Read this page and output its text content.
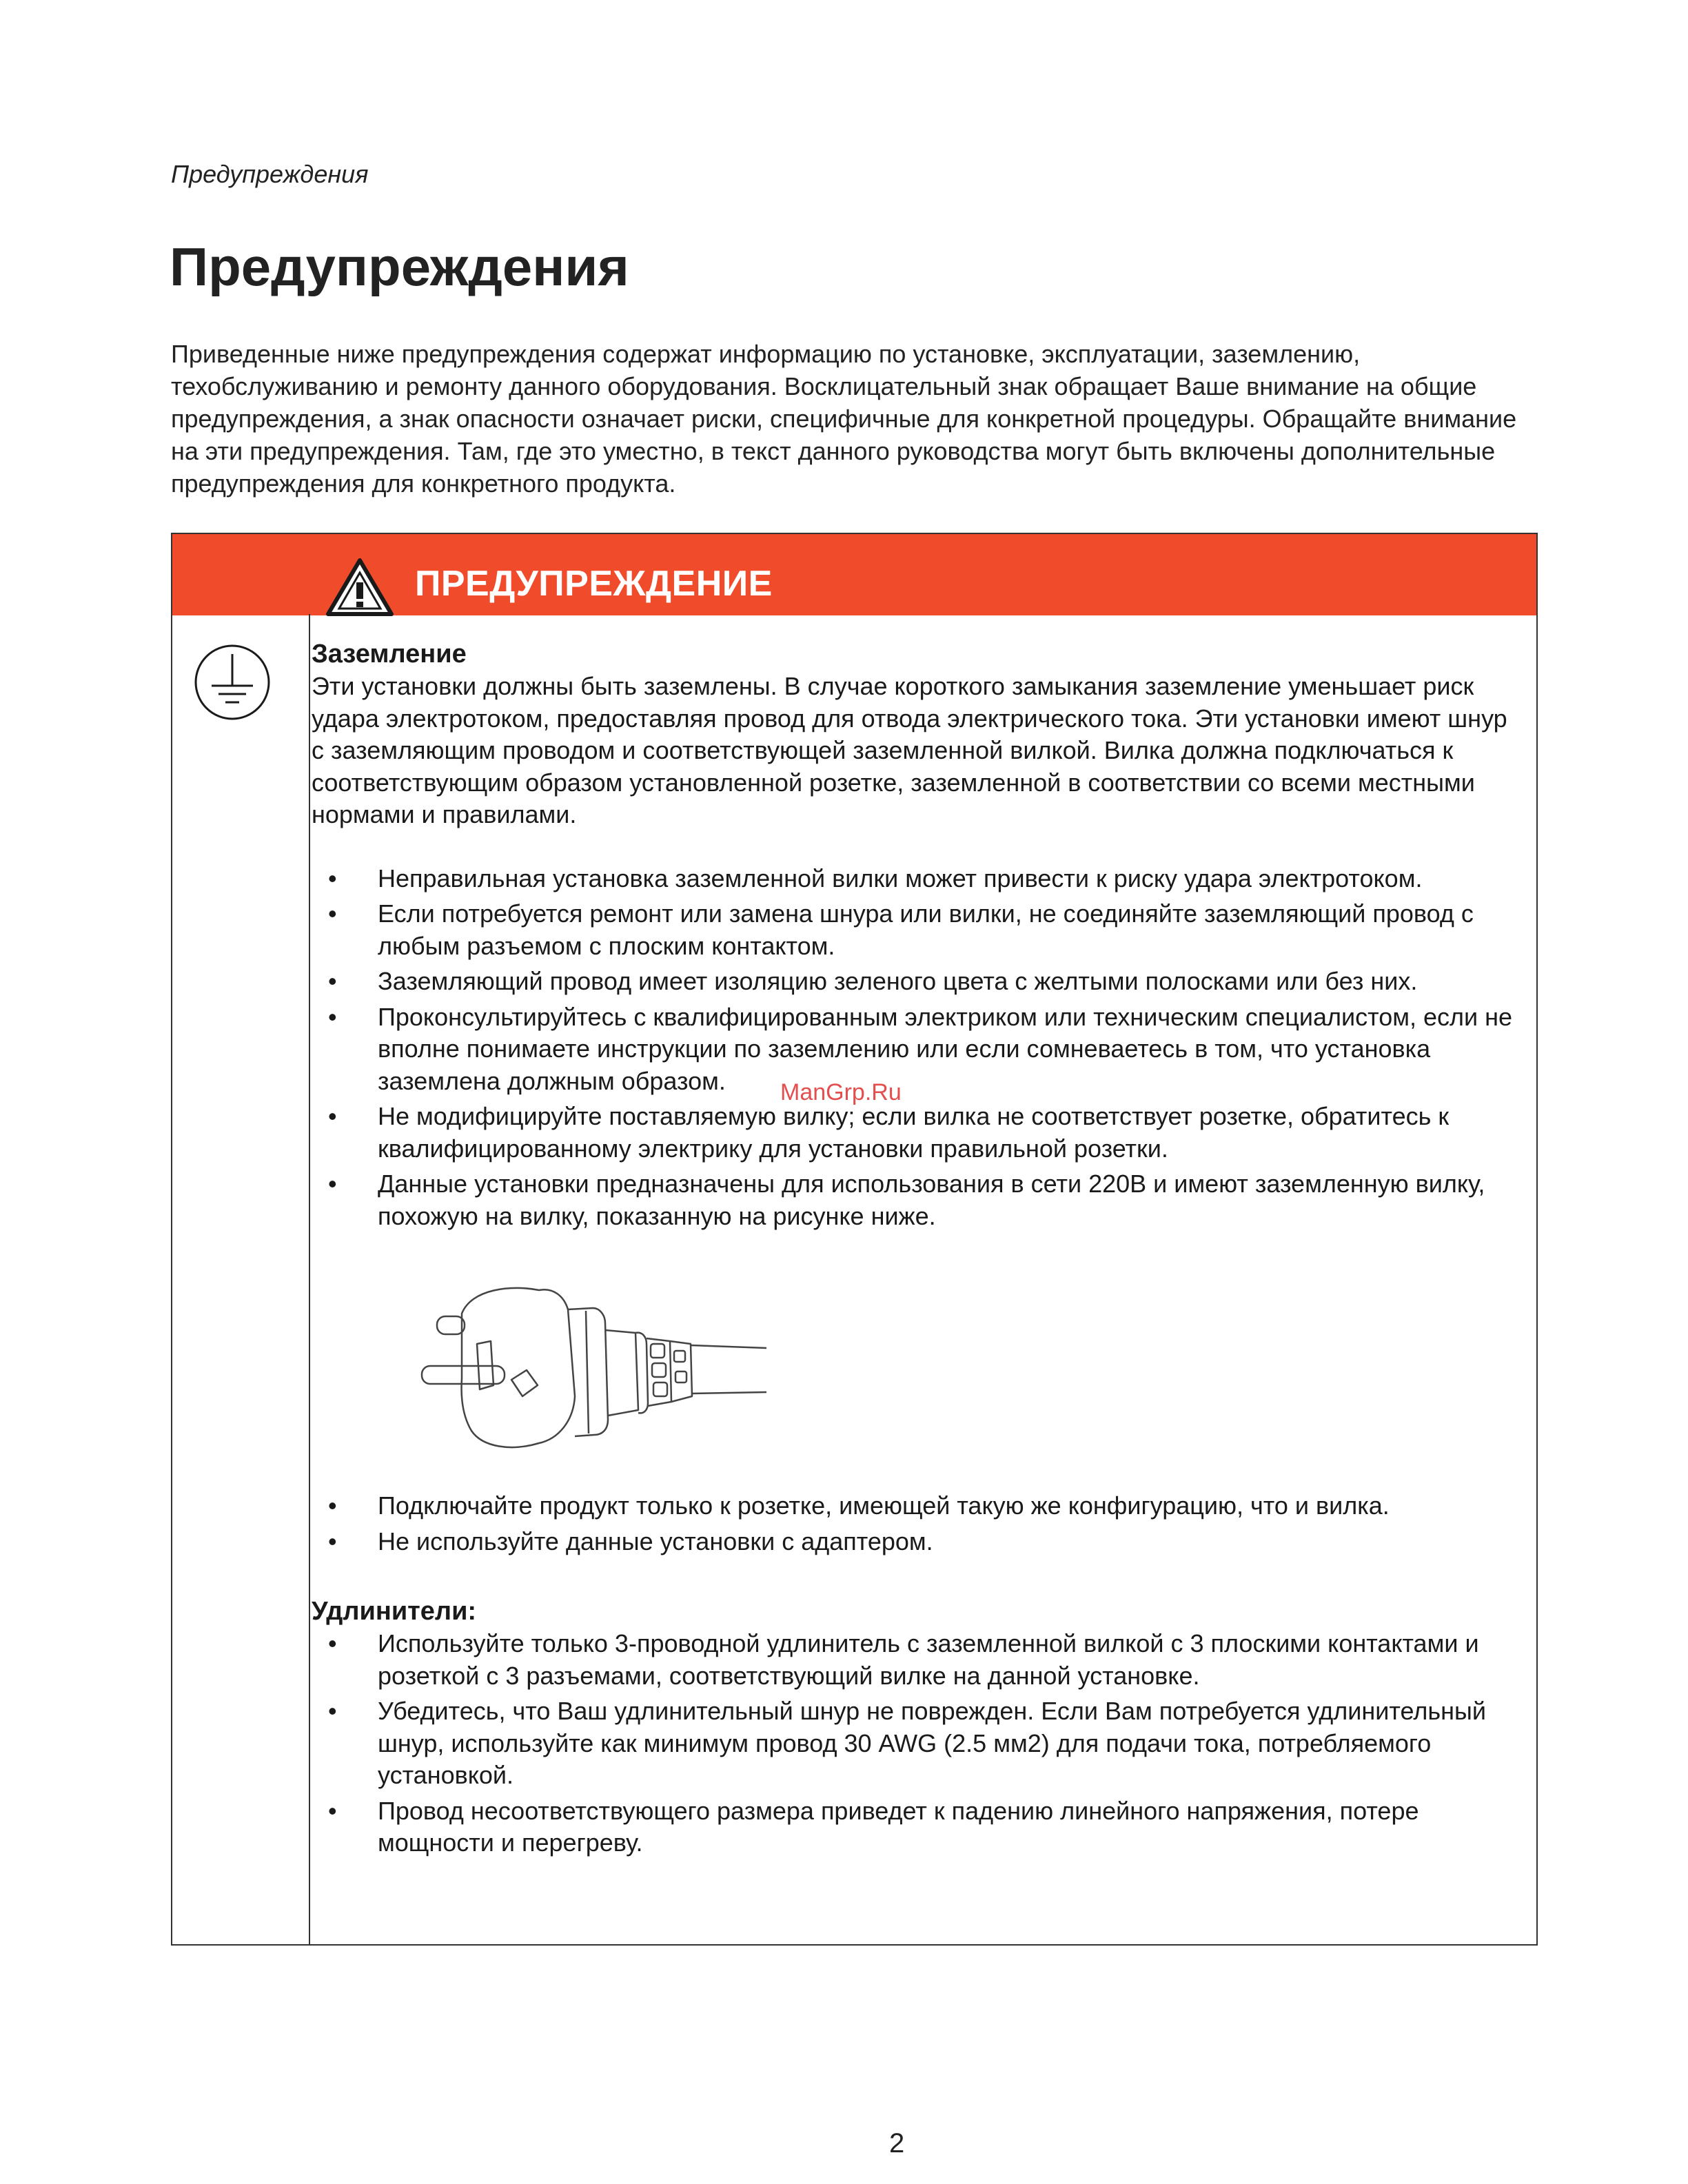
Предупреждения
Предупреждения

Приведенные ниже предупреждения содержат информацию по установке, эксплуатации, заземлению, техобслуживанию и ремонту данного оборудования. Восклицательный знак обращает Ваше внимание на общие предупреждения, а знак опасности означает риски, специфичные для конкретной процедуры. Обращайте внимание на эти предупреждения. Там, где это уместно, в текст данного руководства могут быть включены дополнительные предупреждения для конкретного продукта.

ПРЕДУПРЕЖДЕНИЕ
Заземление

Эти установки должны быть заземлены. В случае короткого замыкания заземление уменьшает риск удара электротоком, предоставляя провод для отвода электрического тока. Эти установки имеют шнур с заземляющим проводом и соответствующей заземленной вилкой. Вилка должна подключаться к соответствующим образом установленной розетке, заземленной в соответствии со всеми местными нормами и правилами.

• Неправильная установка заземленной вилки может привести к риску удара электротоком.
• Если потребуется ремонт или замена шнура или вилки, не соединяйте заземляющий провод с любым разъемом с плоским контактом.
• Заземляющий провод имеет изоляцию зеленого цвета с желтыми полосками или без них.
• Проконсультируйтесь с квалифицированным электриком или техническим специалистом, если не вполне понимаете инструкции по заземлению или если сомневаетесь в том, что установка заземлена должным образом.
• Не модифицируйте поставляемую вилку; если вилка не соответствует розетке, обратитесь к квалифицированному электрику для установки правильной розетки.
• Данные установки предназначены для использования в сети 220В и имеют заземленную вилку, похожую на вилку, показанную на рисунке ниже.
• Подключайте продукт только к розетке, имеющей такую же конфигурацию, что и вилка.
• Не используйте данные установки с адаптером.
Удлинители:
• Используйте только 3-проводной удлинитель с заземленной вилкой с 3 плоскими контактами и розеткой с 3 разъемами, соответствующий вилке на данной установке.
• Убедитесь, что Ваш удлинительный шнур не поврежден. Если Вам потребуется удлинительный шнур, используйте как минимум провод 30 AWG (2.5 мм2) для подачи тока, потребляемого установкой.
• Провод несоответствующего размера приведет к падению линейного напряжения, потере мощности и перегреву.
ManGrp.Ru
2
